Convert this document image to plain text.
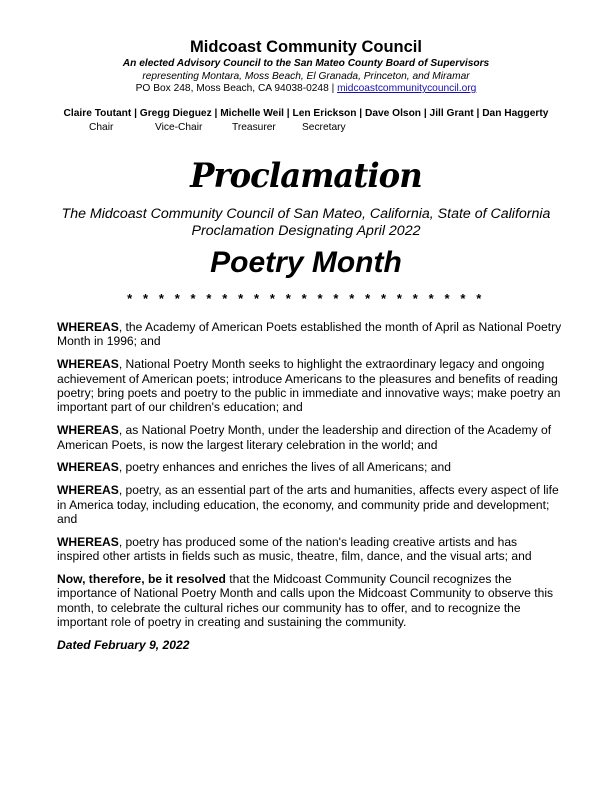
Midcoast Community Council
An elected Advisory Council to the San Mateo County Board of Supervisors
representing Montara, Moss Beach, El Granada, Princeton, and Miramar
PO Box 248, Moss Beach, CA 94038-0248 | midcoastcommunitycouncil.org
Claire Toutant | Gregg Dieguez | Michelle Weil | Len Erickson | Dave Olson | Jill Grant | Dan Haggerty
Chair	Vice-Chair	Treasurer	Secretary
Proclamation
The Midcoast Community Council of San Mateo, California, State of California
Proclamation Designating April 2022
Poetry Month
* * * * * * * * * * * * * * * * * * * * * * *

WHEREAS, the Academy of American Poets established the month of April as National Poetry Month in 1996; and

WHEREAS, National Poetry Month seeks to highlight the extraordinary legacy and ongoing achievement of American poets; introduce Americans to the pleasures and benefits of reading poetry; bring poets and poetry to the public in immediate and innovative ways; make poetry an important part of our children's education; and

WHEREAS, as National Poetry Month, under the leadership and direction of the Academy of American Poets, is now the largest literary celebration in the world; and

WHEREAS, poetry enhances and enriches the lives of all Americans; and

WHEREAS, poetry, as an essential part of the arts and humanities, affects every aspect of life in America today, including education, the economy, and community pride and development; and

WHEREAS, poetry has produced some of the nation's leading creative artists and has inspired other artists in fields such as music, theatre, film, dance, and the visual arts; and

Now, therefore, be it resolved that the Midcoast Community Council recognizes the importance of National Poetry Month and calls upon the Midcoast Community to observe this month, to celebrate the cultural riches our community has to offer, and to recognize the important role of poetry in creating and sustaining the community.

Dated February 9, 2022
